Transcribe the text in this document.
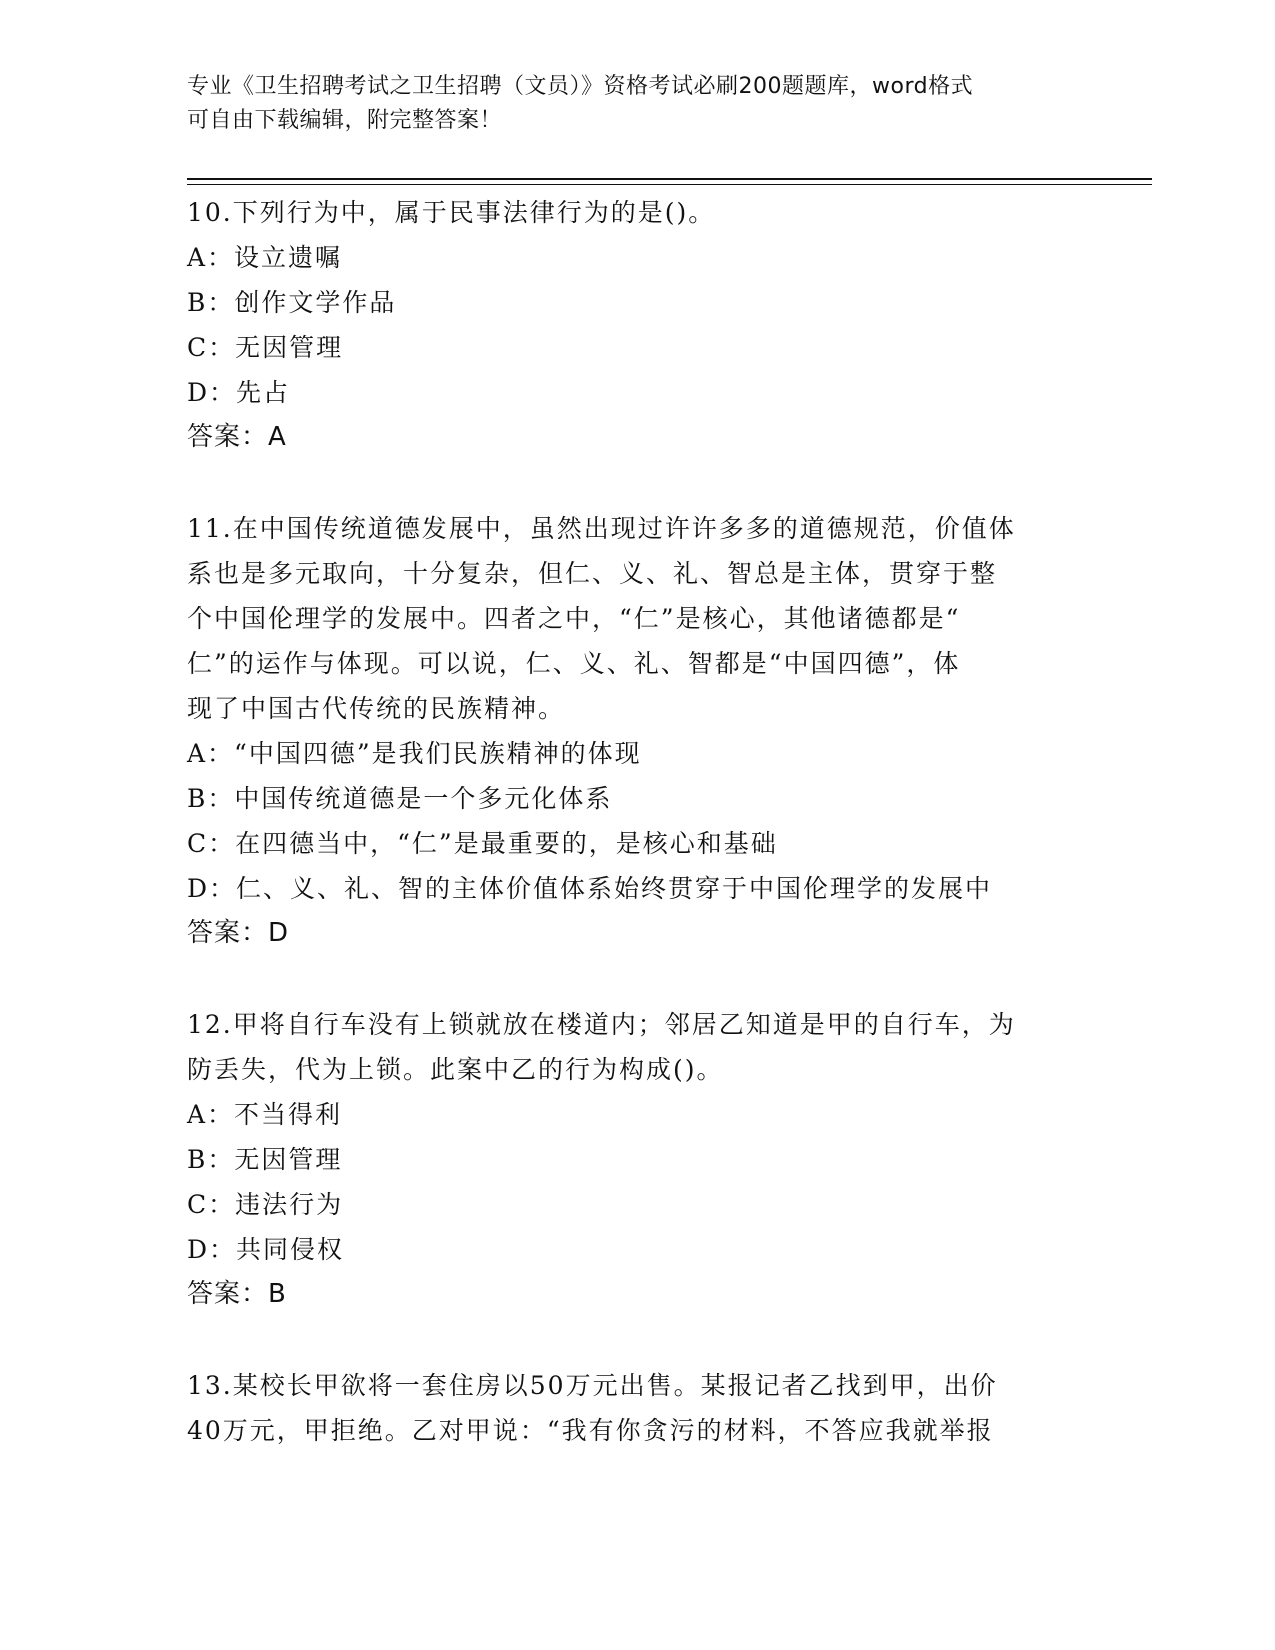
专业《卫生招聘考试之卫生招聘（文员）》资格考试必刷200题题库，word格式
可自由下载编辑，附完整答案！
10.下列行为中，属于民事法律行为的是()。
A：设立遗嘱
B：创作文学作品
C：无因管理
D：先占
答案：A
11.在中国传统道德发展中，虽然出现过许许多多的道德规范，价值体
系也是多元取向，十分复杂，但仁、义、礼、智总是主体，贯穿于整
个中国伦理学的发展中。四者之中，“仁”是核心，其他诸德都是“
仁”的运作与体现。可以说，仁、义、礼、智都是“中国四德”，体
现了中国古代传统的民族精神。
A：“中国四德”是我们民族精神的体现
B：中国传统道德是一个多元化体系
C：在四德当中，“仁”是最重要的，是核心和基础
D：仁、义、礼、智的主体价值体系始终贯穿于中国伦理学的发展中
答案：D
12.甲将自行车没有上锁就放在楼道内；邻居乙知道是甲的自行车，为
防丢失，代为上锁。此案中乙的行为构成()。
A：不当得利
B：无因管理
C：违法行为
D：共同侵权
答案：B
13.某校长甲欲将一套住房以50万元出售。某报记者乙找到甲，出价
40万元，甲拒绝。乙对甲说：“我有你贪污的材料，不答应我就举报
